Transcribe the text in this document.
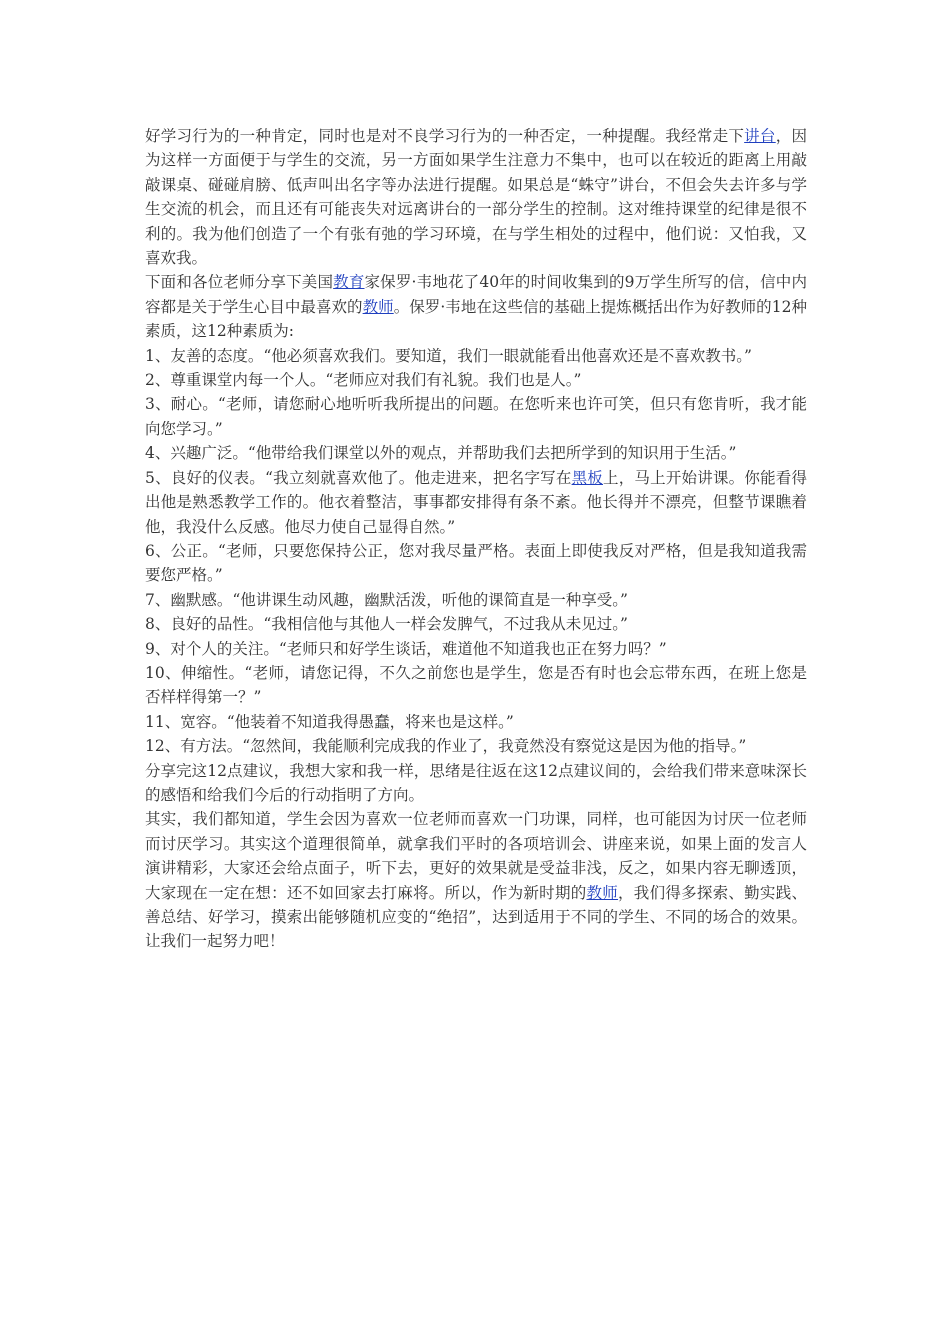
好学习行为的一种肯定，同时也是对不良学习行为的一种否定，一种提醒。我经常走下讲台，因为这样一方面便于与学生的交流，另一方面如果学生注意力不集中，也可以在较近的距离上用敲敲课桌、碰碰肩膀、低声叫出名字等办法进行提醒。如果总是“蛛守”讲台，不但会失去许多与学生交流的机会，而且还有可能丧失对远离讲台的一部分学生的控制。这对维持课堂的纪律是很不利的。我为他们创造了一个有张有弛的学习环境，在与学生相处的过程中，他们说：又怕我，又喜欢我。

下面和各位老师分享下美国教育家保罗·韦地花了40年的时间收集到的9万学生所写的信，信中内容都是关于学生心目中最喜欢的教师。保罗·韦地在这些信的基础上提炼概括出作为好教师的12种素质，这12种素质为:

1、友善的态度。“他必须喜欢我们。要知道，我们一眼就能看出他喜欢还是不喜欢教书。”

2、尊重课堂内每一个人。“老师应对我们有礼貌。我们也是人。”

3、耐心。“老师，请您耐心地听听我所提出的问题。在您听来也许可笑，但只有您肯听，我才能向您学习。”

4、兴趣广泛。“他带给我们课堂以外的观点，并帮助我们去把所学到的知识用于生活。”

5、良好的仪表。“我立刻就喜欢他了。他走进来，把名字写在黑板上，马上开始讲课。你能看得出他是熟悉教学工作的。他衣着整洁，事事都安排得有条不紊。他长得并不漂亮，但整节课瞧着他，我没什么反感。他尽力使自己显得自然。”

6、公正。“老师，只要您保持公正，您对我尽量严格。表面上即使我反对严格，但是我知道我需要您严格。”

7、幽默感。“他讲课生动风趣，幽默活泼，听他的课简直是一种享受。”

8、良好的品性。“我相信他与其他人一样会发脾气，不过我从未见过。”

9、对个人的关注。“老师只和好学生谈话，难道他不知道我也正在努力吗？”

10、伸缩性。“老师，请您记得，不久之前您也是学生，您是否有时也会忘带东西，在班上您是否样样得第一？”

11、宽容。“他装着不知道我得愚蠢，将来也是这样。”

12、有方法。“忽然间，我能顺利完成我的作业了，我竟然没有察觉这是因为他的指导。”

分享完这12点建议，我想大家和我一样，思绪是往返在这12点建议间的，会给我们带来意味深长的感悟和给我们今后的行动指明了方向。

其实，我们都知道，学生会因为喜欢一位老师而喜欢一门功课，同样，也可能因为讨厌一位老师而讨厌学习。其实这个道理很简单，就拿我们平时的各项培训会、讲座来说，如果上面的发言人演讲精彩，大家还会给点面子，听下去，更好的效果就是受益非浅，反之，如果内容无聊透顶，大家现在一定在想：还不如回家去打麻将。所以，作为新时期的教师，我们得多探索、勤实践、善总结、好学习，摸索出能够随机应变的“绝招”，达到适用于不同的学生、不同的场合的效果。让我们一起努力吧！
